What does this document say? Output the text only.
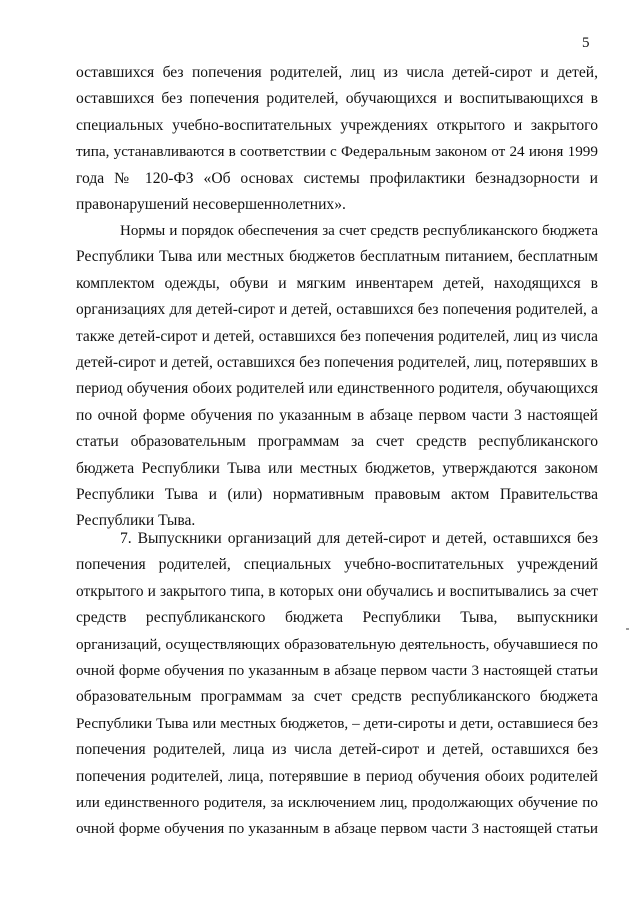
5
оставшихся без попечения родителей, лиц из числа детей-сирот и детей,
оставшихся без попечения родителей, обучающихся и воспитывающихся в
специальных учебно-воспитательных учреждениях открытого и закрытого
типа, устанавливаются в соответствии с Федеральным законом от 24 июня 1999
года № 120-ФЗ «Об основах системы профилактики безнадзорности и
правонарушений несовершеннолетних».
Нормы и порядок обеспечения за счет средств республиканского бюджета
Республики Тыва или местных бюджетов бесплатным питанием, бесплатным
комплектом одежды, обуви и мягким инвентарем детей, находящихся в
организациях для детей-сирот и детей, оставшихся без попечения родителей, а
также детей-сирот и детей, оставшихся без попечения родителей, лиц из числа
детей-сирот и детей, оставшихся без попечения родителей, лиц, потерявших в
период обучения обоих родителей или единственного родителя, обучающихся
по очной форме обучения по указанным в абзаце первом части 3 настоящей
статьи образовательным программам за счет средств республиканского
бюджета Республики Тыва или местных бюджетов, утверждаются законом
Республики Тыва и (или) нормативным правовым актом Правительства
Республики Тыва.
7. Выпускники организаций для детей-сирот и детей, оставшихся без
попечения родителей, специальных учебно-воспитательных учреждений
открытого и закрытого типа, в которых они обучались и воспитывались за счет
средств республиканского бюджета Республики Тыва, выпускники
организаций, осуществляющих образовательную деятельность, обучавшиеся по
очной форме обучения по указанным в абзаце первом части 3 настоящей статьи
образовательным программам за счет средств республиканского бюджета
Республики Тыва или местных бюджетов, – дети-сироты и дети, оставшиеся без
попечения родителей, лица из числа детей-сирот и детей, оставшихся без
попечения родителей, лица, потерявшие в период обучения обоих родителей
или единственного родителя, за исключением лиц, продолжающих обучение по
очной форме обучения по указанным в абзаце первом части 3 настоящей статьи
